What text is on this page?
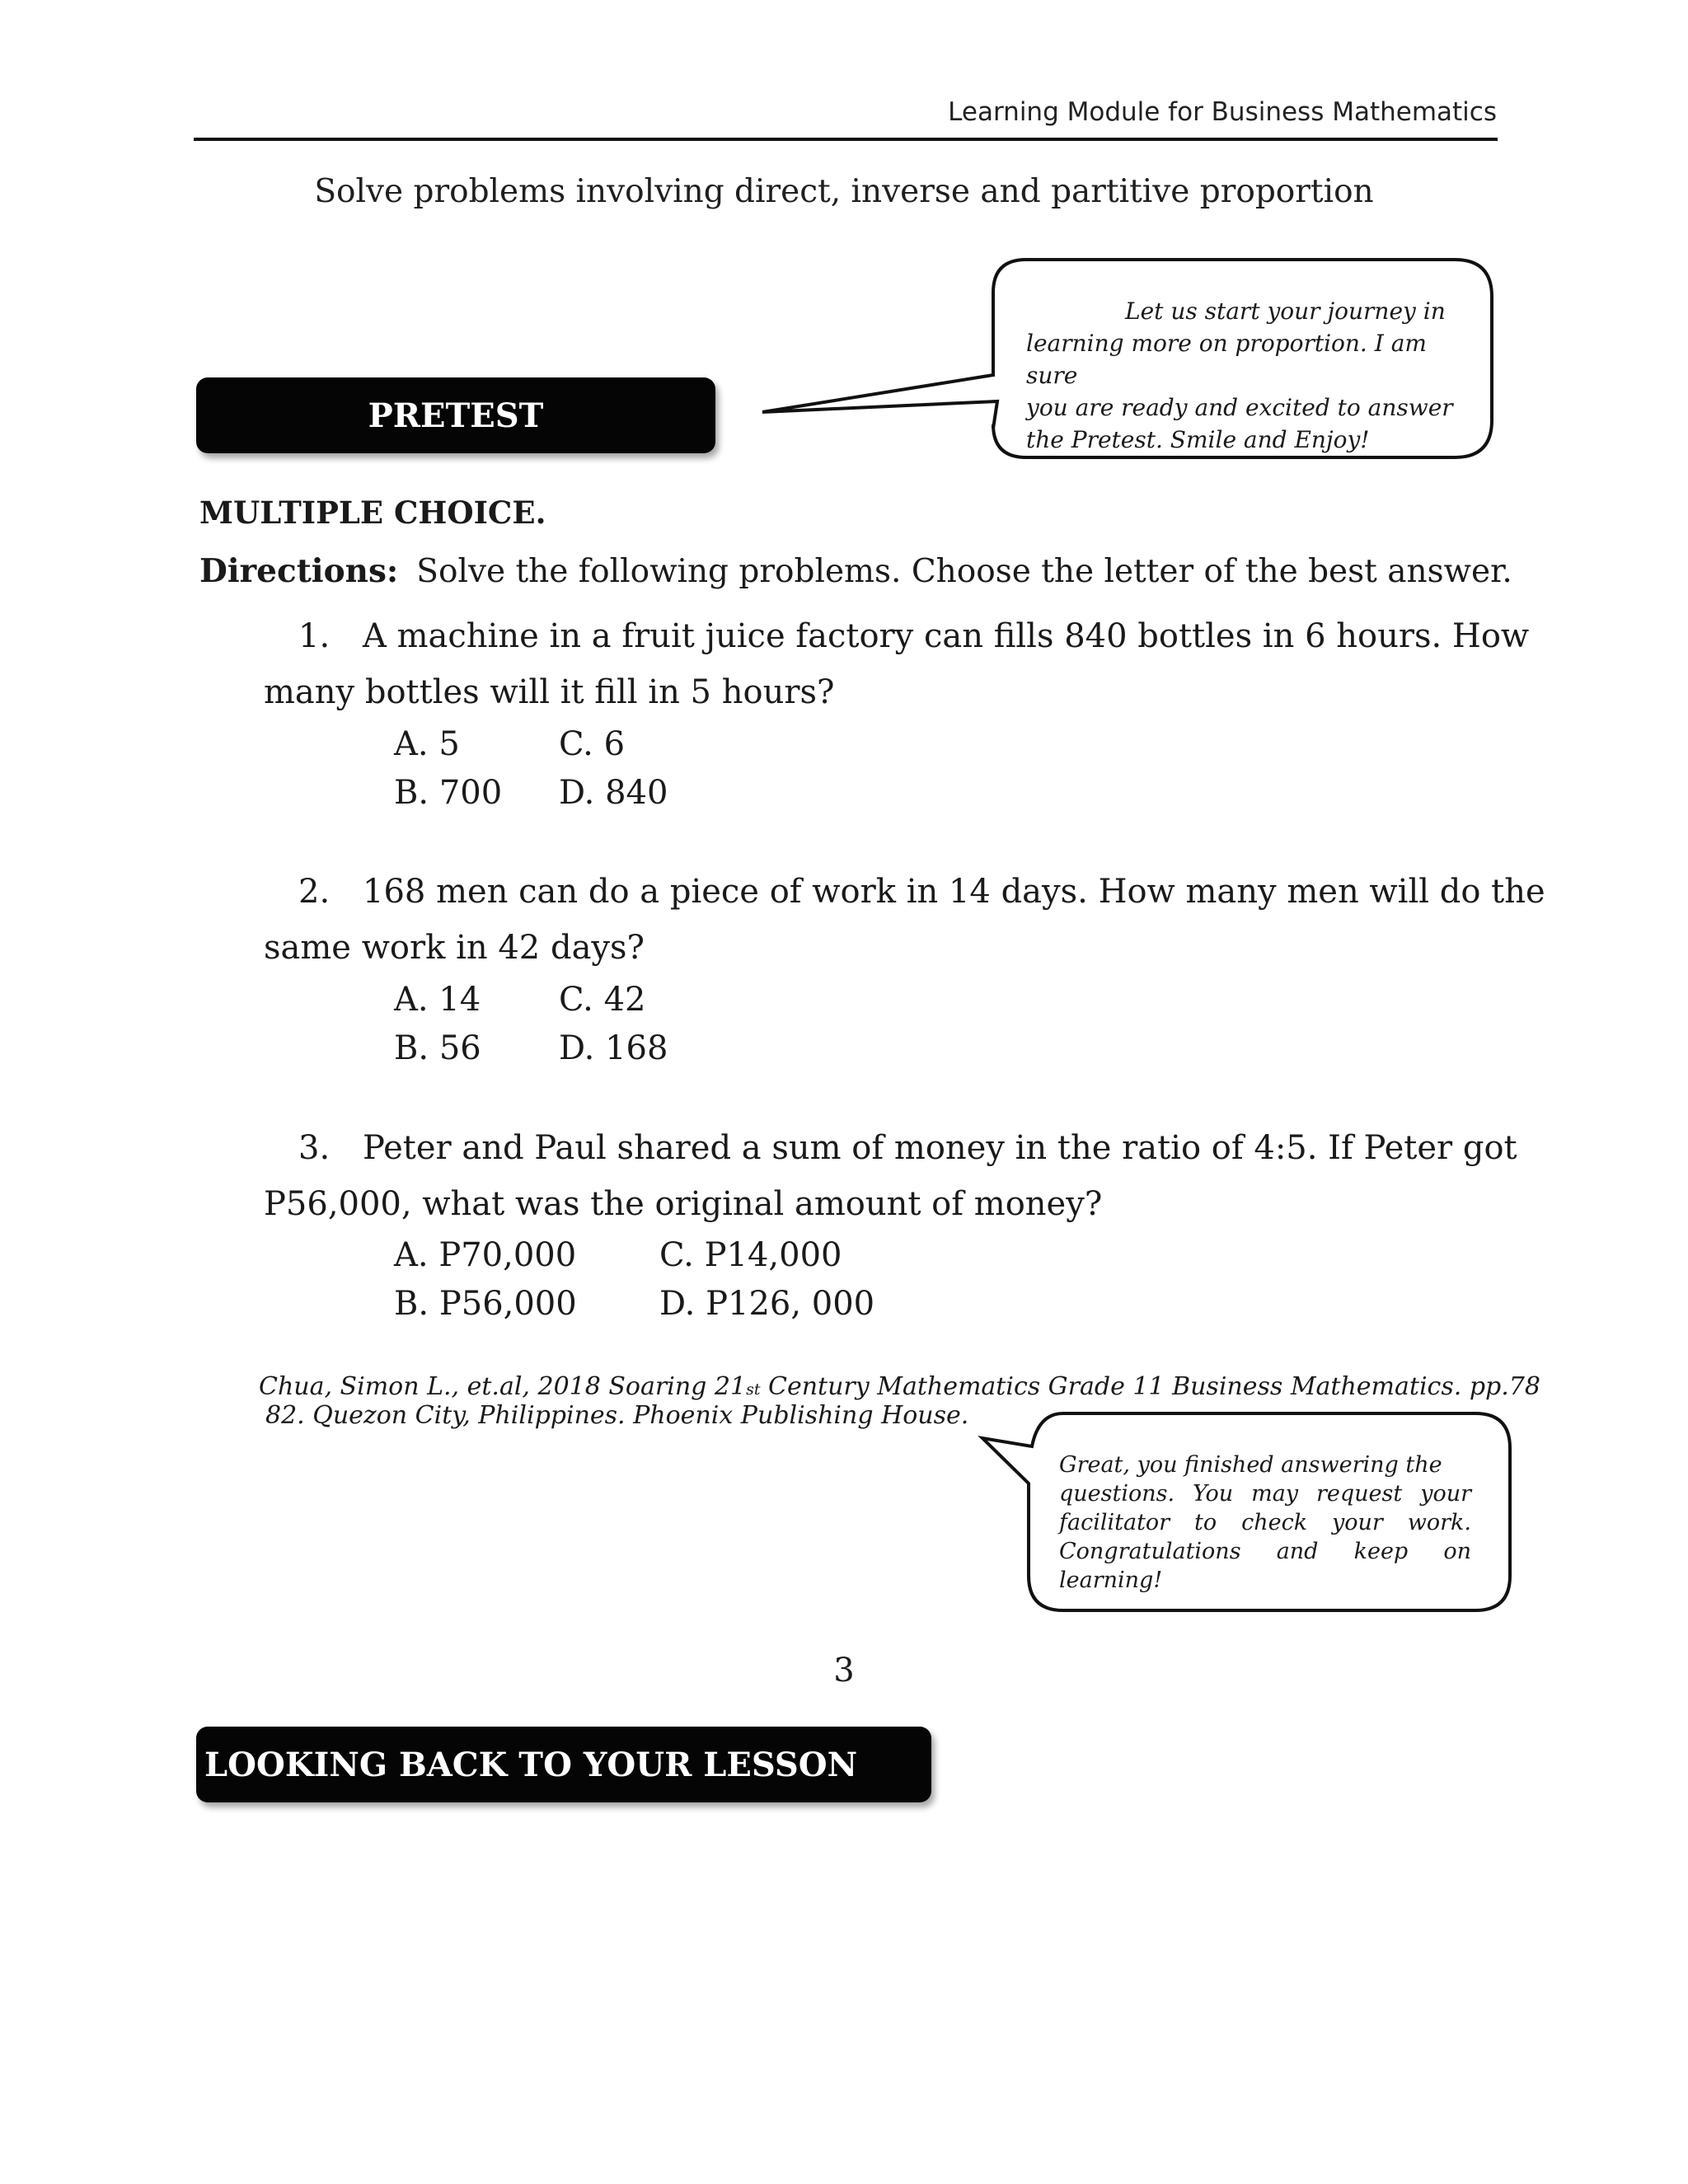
Learning Module for Business Mathematics
Solve problems involving direct, inverse and partitive proportion
Let us start your journey in
learning more on proportion. I am sure
you are ready and excited to answer
the Pretest. Smile and Enjoy!
PRETEST
MULTIPLE CHOICE.
Directions: Solve the following problems. Choose the letter of the best answer.
1. A machine in a fruit juice factory can fills 840 bottles in 6 hours. How
many bottles will it fill in 5 hours?
A. 5	C. 6
B. 700 D. 840
2. 168 men can do a piece of work in 14 days. How many men will do the
same work in 42 days?
A. 14 C. 42
B. 56 D. 168
3. Peter and Paul shared a sum of money in the ratio of 4:5. If Peter got
P56,000, what was the original amount of money?
A. P70,000	C. P14,000
B. P56,000	D. P126, 000
Chua, Simon L., et.al, 2018 Soaring 21st Century Mathematics Grade 11 Business Mathematics. pp.78
82. Quezon City, Philippines. Phoenix Publishing House.
Great, you finished answering the
questions. You may request your facilitator to check your work. Congratulations and keep on learning!
3
LOOKING BACK TO YOUR LESSON
